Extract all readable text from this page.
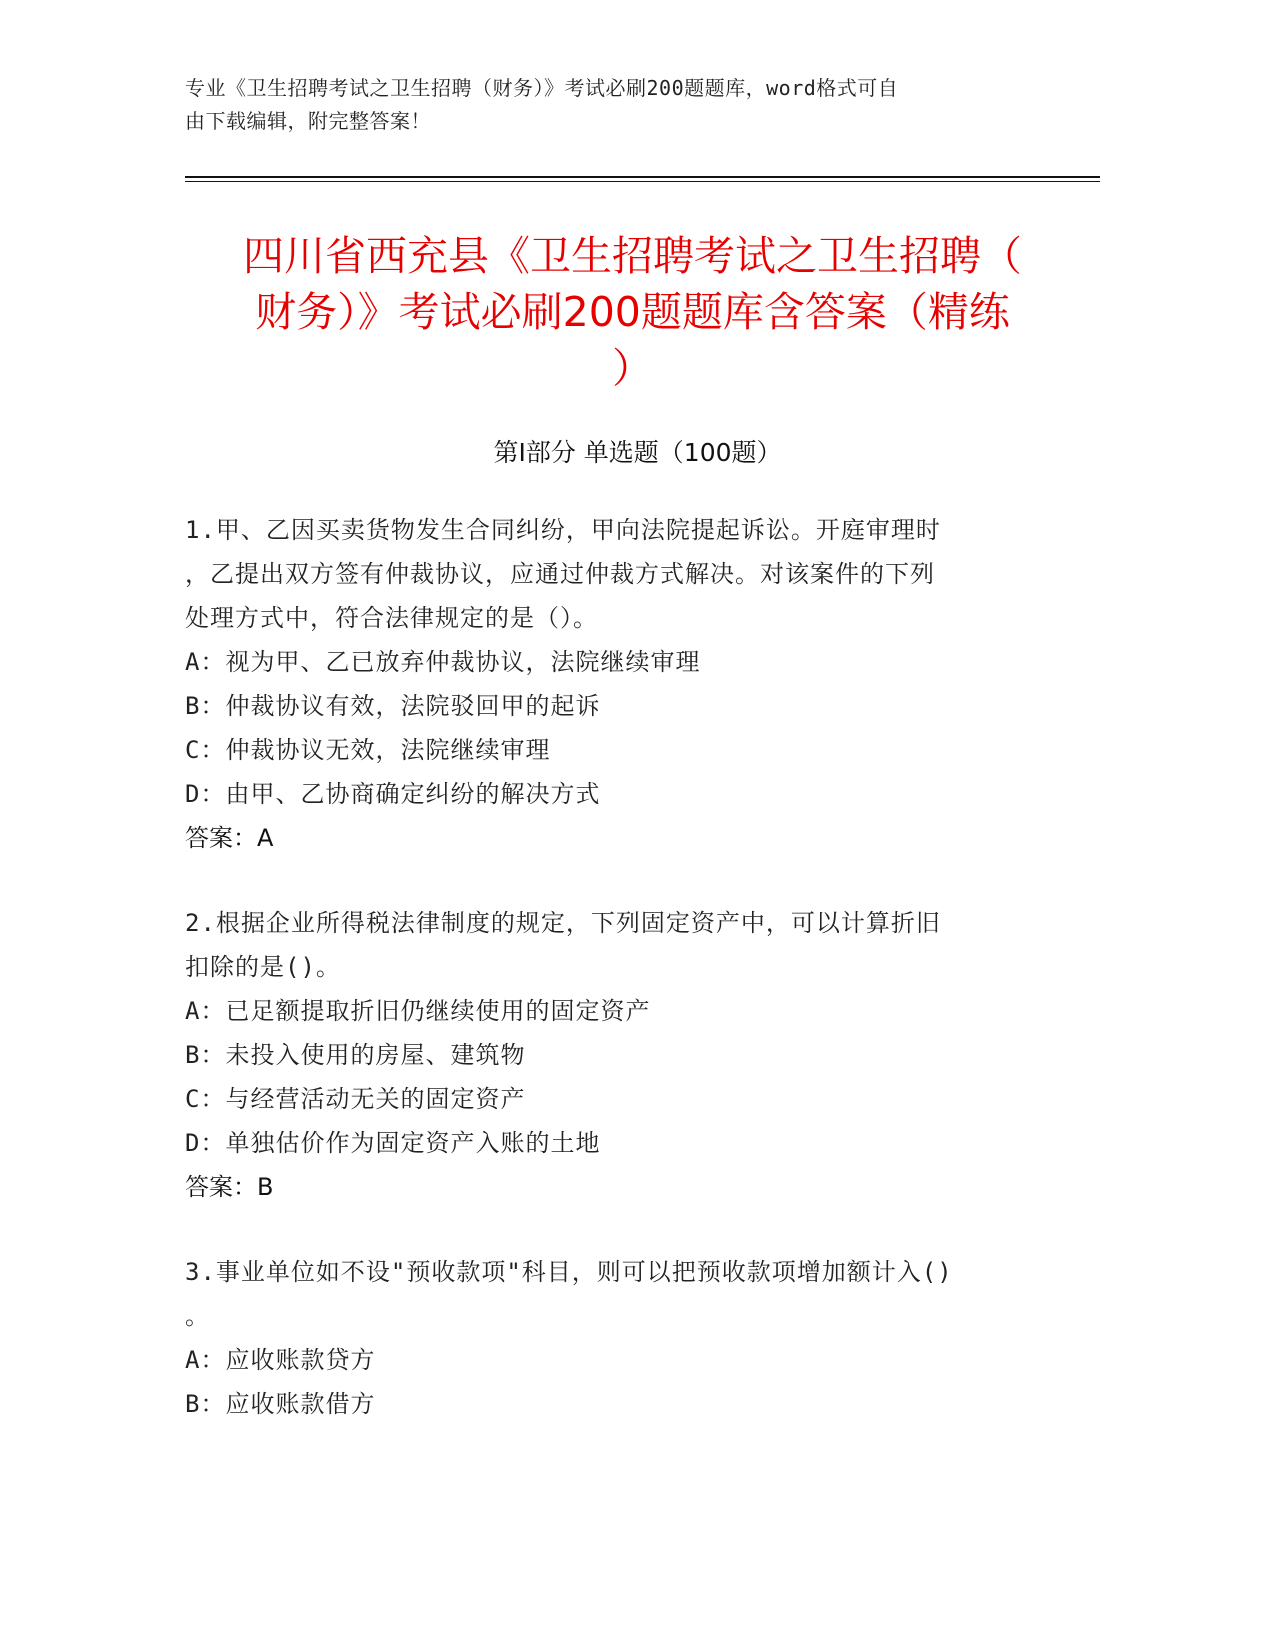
专业《卫生招聘考试之卫生招聘（财务）》考试必刷200题题库，word格式可自
由下载编辑，附完整答案！
四川省西充县《卫生招聘考试之卫生招聘（
财务）》考试必刷200题题库含答案（精练
）
第Ⅰ部分 单选题（100题）
1.甲、乙因买卖货物发生合同纠纷，甲向法院提起诉讼。开庭审理时
，乙提出双方签有仲裁协议，应通过仲裁方式解决。对该案件的下列
处理方式中，符合法律规定的是（）。
A：视为甲、乙已放弃仲裁协议，法院继续审理
B：仲裁协议有效，法院驳回甲的起诉
C：仲裁协议无效，法院继续审理
D：由甲、乙协商确定纠纷的解决方式
答案：A
2.根据企业所得税法律制度的规定，下列固定资产中，可以计算折旧
扣除的是()。
A：已足额提取折旧仍继续使用的固定资产
B：未投入使用的房屋、建筑物
C：与经营活动无关的固定资产
D：单独估价作为固定资产入账的土地
答案：B
3.事业单位如不设"预收款项"科目，则可以把预收款项增加额计入()
。
A：应收账款贷方
B：应收账款借方
